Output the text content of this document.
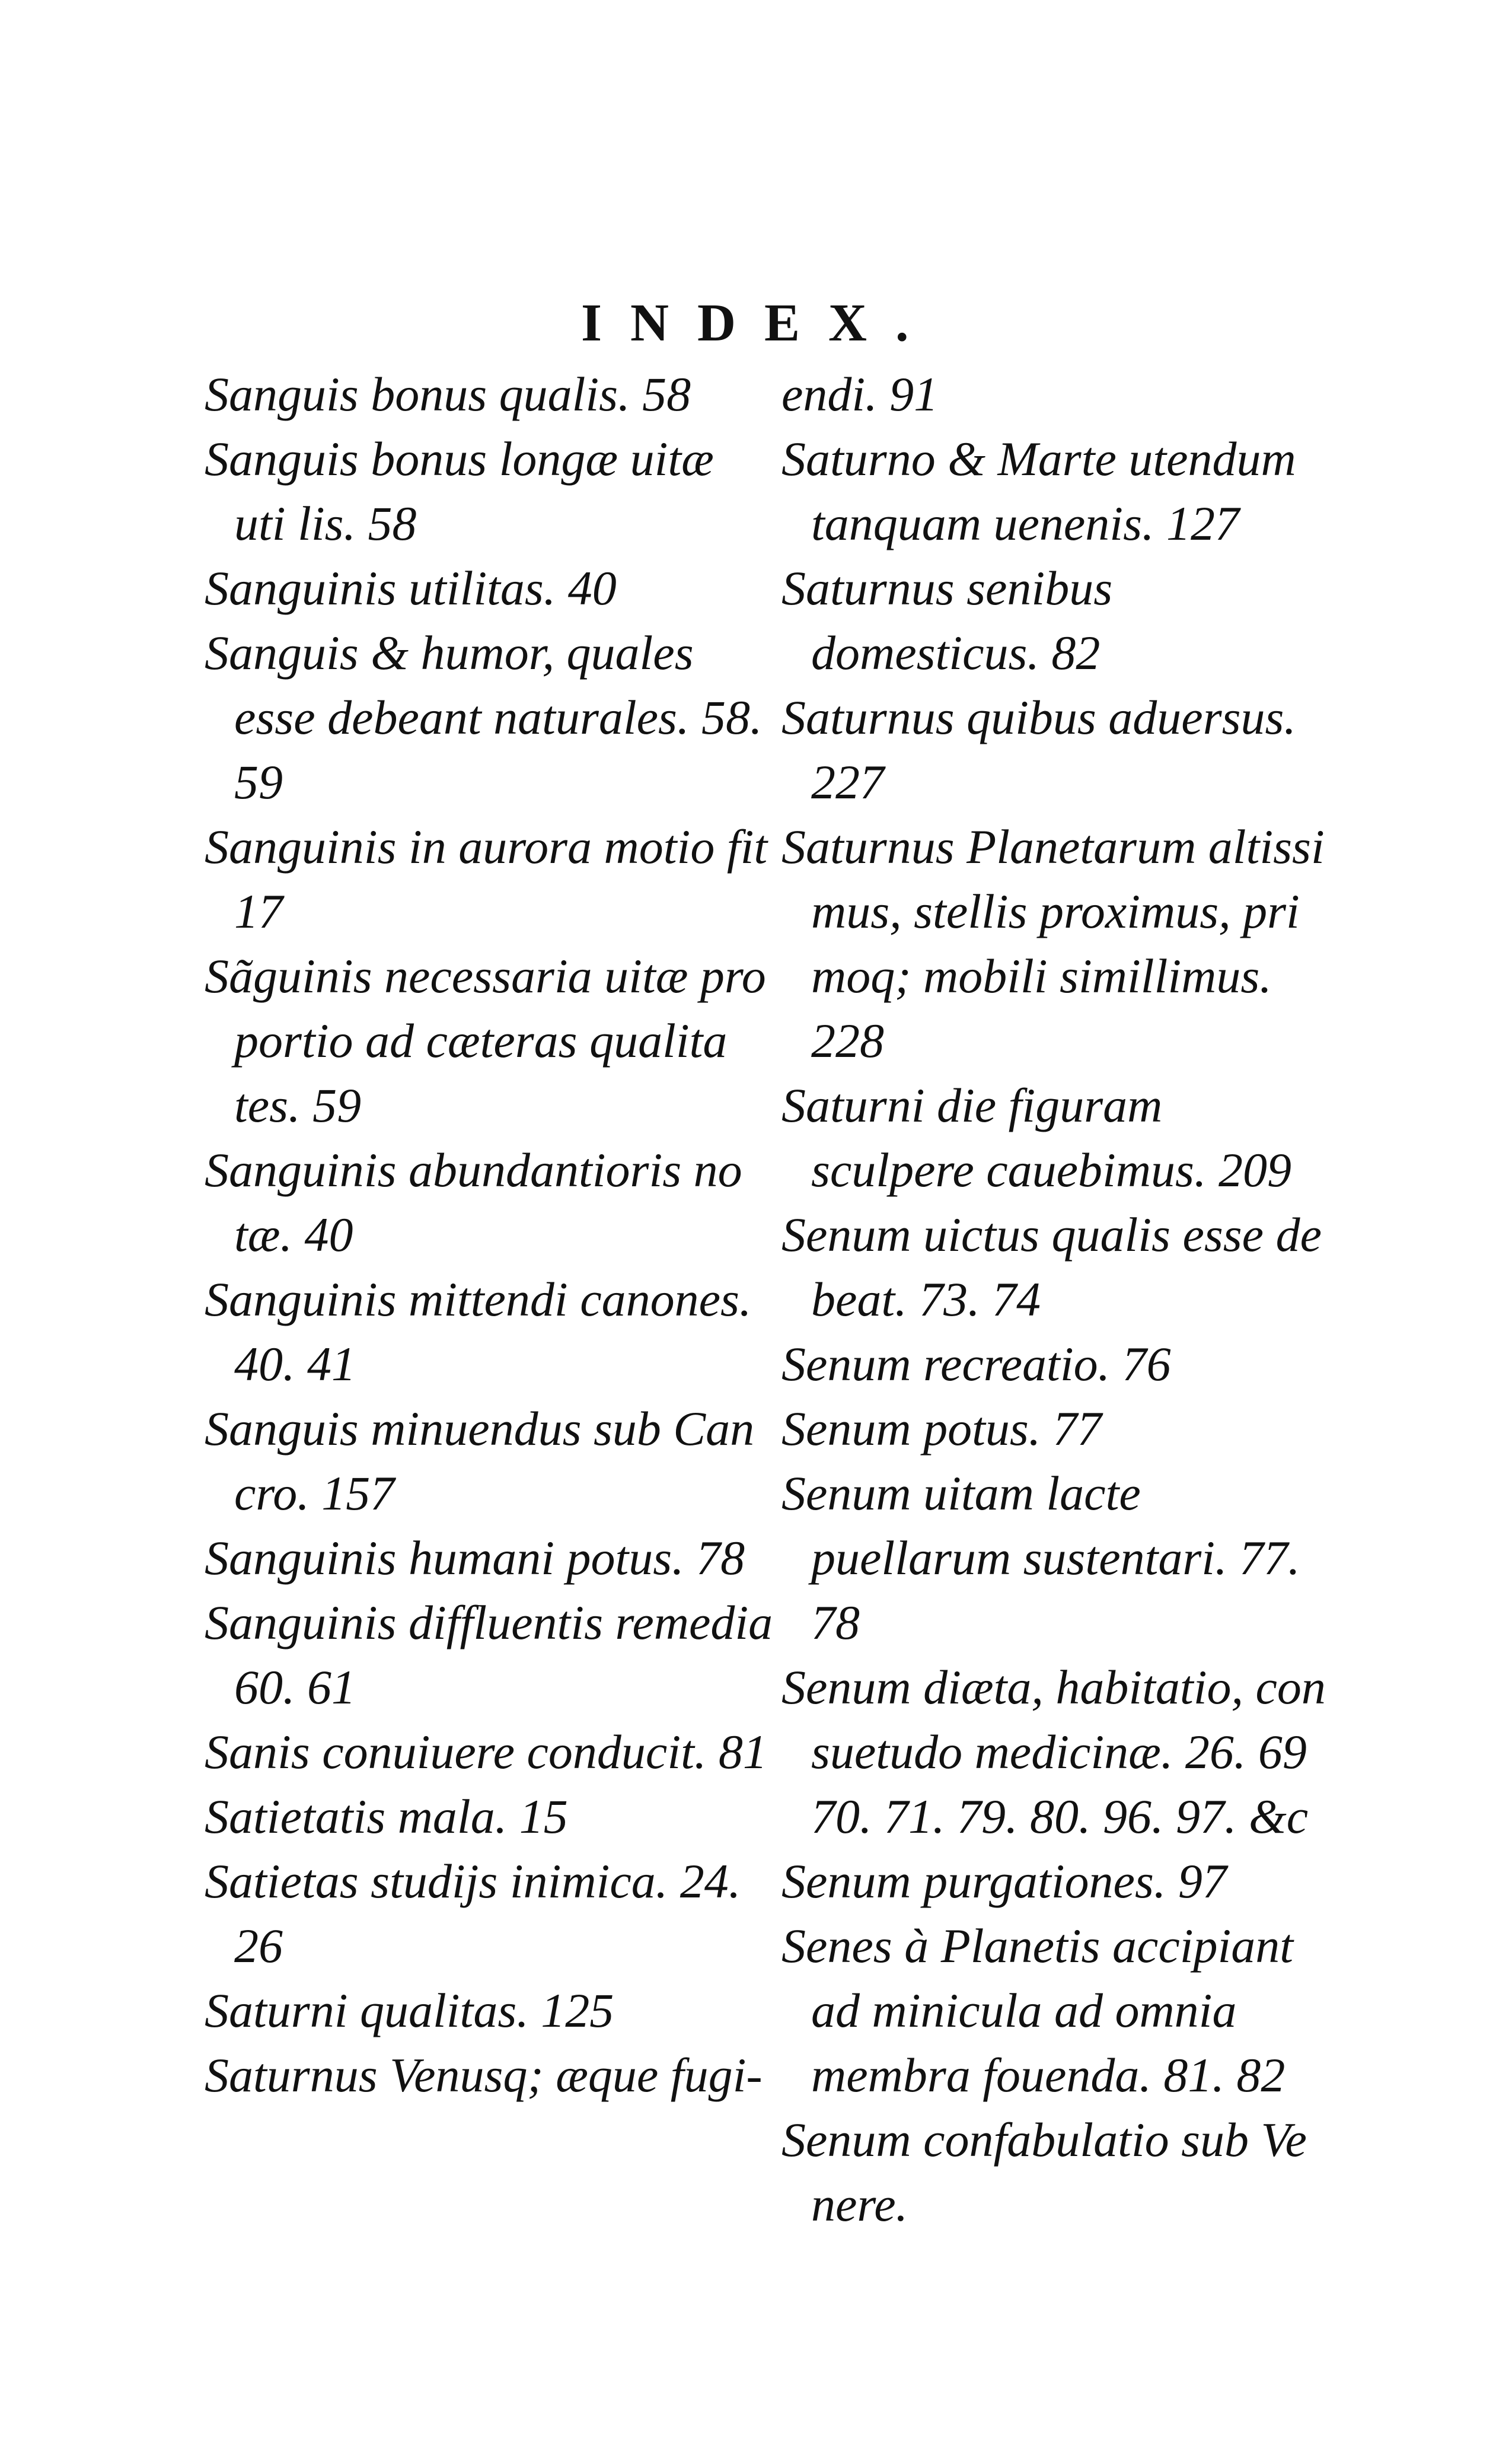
INDEX.

Sanguis bonus qualis. 58

Sanguis bonus longæ uitæ uti lis. 58

Sanguinis utilitas. 40

Sanguis & humor, quales esse debeant naturales. 58. 59

Sanguinis in aurora motio fit 17

Sãguinis necessaria uitæ pro portio ad cæteras qualita tes. 59

Sanguinis abundantioris no tæ. 40

Sanguinis mittendi canones. 40. 41

Sanguis minuendus sub Can cro. 157

Sanguinis humani potus. 78

Sanguinis diffluentis remedia 60. 61

Sanis conuiuere conducit. 81

Satietatis mala. 15

Satietas studijs inimica. 24. 26

Saturni qualitas. 125

Saturnus Venusq; æque fugi-

endi. 91

Saturno & Marte utendum tanquam uenenis. 127

Saturnus senibus domesticus. 82

Saturnus quibus aduersus. 227

Saturnus Planetarum altissi mus, stellis proximus, pri moq; mobili simillimus. 228

Saturni die figuram sculpere cauebimus. 209

Senum uictus qualis esse de beat. 73. 74

Senum recreatio. 76

Senum potus. 77

Senum uitam lacte puellarum sustentari. 77. 78

Senum diæta, habitatio, con suetudo medicinæ. 26. 69 70. 71. 79. 80. 96. 97. &c

Senum purgationes. 97

Senes à Planetis accipiant ad minicula ad omnia membra fouenda. 81. 82

Senum confabulatio sub Ve nere.
